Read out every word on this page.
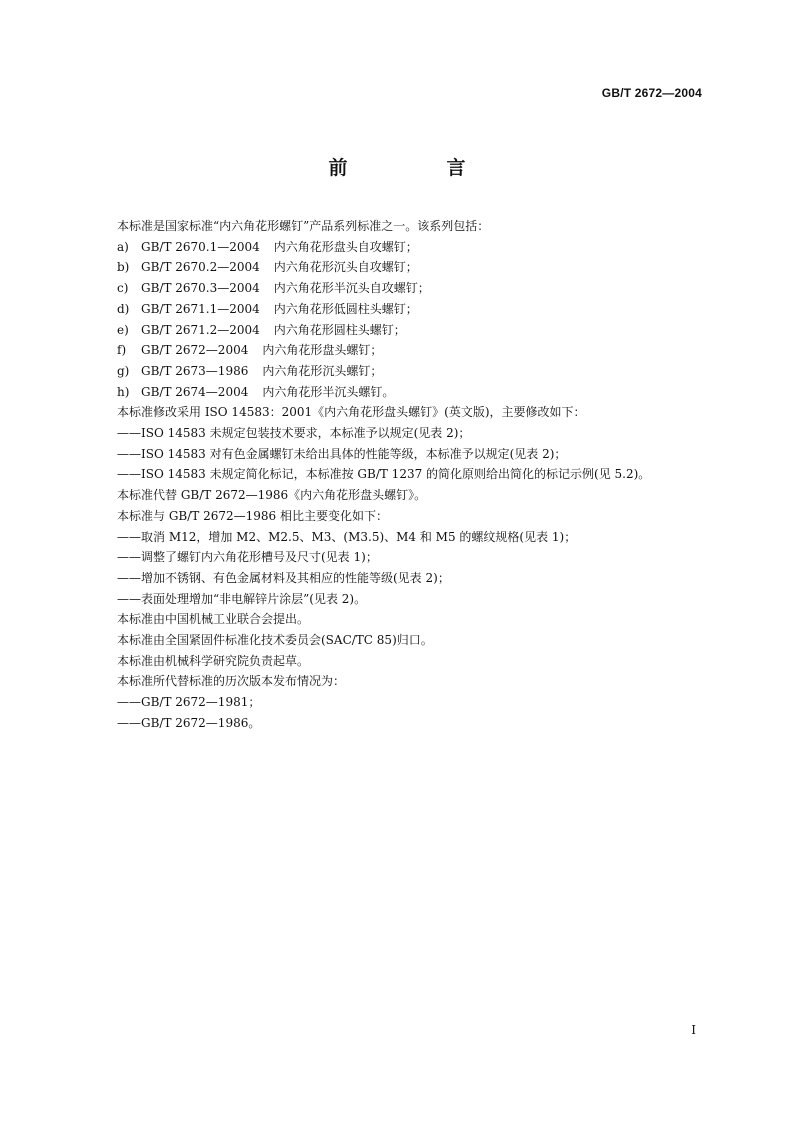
GB/T 2672—2004
前　言
本标准是国家标准“内六角花形螺钉”产品系列标准之一。该系列包括：
a) GB/T 2670.1—2004 内六角花形盘头自攻螺钉；
b) GB/T 2670.2—2004 内六角花形沉头自攻螺钉；
c) GB/T 2670.3—2004 内六角花形半沉头自攻螺钉；
d) GB/T 2671.1—2004 内六角花形低圆柱头螺钉；
e) GB/T 2671.2—2004 内六角花形圆柱头螺钉；
f) GB/T 2672—2004 内六角花形盘头螺钉；
g) GB/T 2673—1986 内六角花形沉头螺钉；
h) GB/T 2674—2004 内六角花形半沉头螺钉。
本标准修改采用 ISO 14583：2001《内六角花形盘头螺钉》(英文版)，主要修改如下：
——ISO 14583 未规定包装技术要求，本标准予以规定(见表 2)；
——ISO 14583 对有色金属螺钉未给出具体的性能等级，本标准予以规定(见表 2)；
——ISO 14583 未规定简化标记，本标准按 GB/T 1237 的简化原则给出简化的标记示例(见 5.2)。
本标准代替 GB/T 2672—1986《内六角花形盘头螺钉》。
本标准与 GB/T 2672—1986 相比主要变化如下：
——取消 M12，增加 M2、M2.5、M3、(M3.5)、M4 和 M5 的螺纹规格(见表 1)；
——调整了螺钉内六角花形槽号及尺寸(见表 1)；
——增加不锈钢、有色金属材料及其相应的性能等级(见表 2)；
——表面处理增加“非电解锌片涂层”(见表 2)。
本标准由中国机械工业联合会提出。
本标准由全国紧固件标准化技术委员会(SAC/TC 85)归口。
本标准由机械科学研究院负责起草。
本标准所代替标准的历次版本发布情况为：
——GB/T 2672—1981；
——GB/T 2672—1986。
I
